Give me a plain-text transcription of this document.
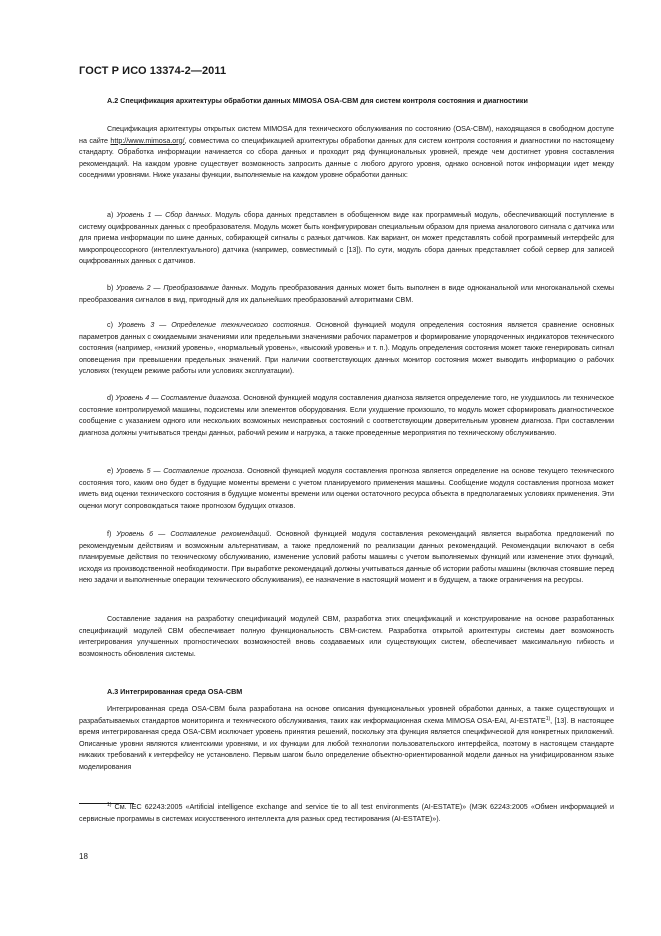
ГОСТ Р ИСО 13374-2—2011
А.2 Спецификация архитектуры обработки данных MIMOSA OSA-CBM для систем контроля состояния и диагностики
Спецификация архитектуры открытых систем MIMOSA для технического обслуживания по состоянию (OSA-CBM), находящаяся в свободном доступе на сайте http://www.mimosa.org/, совместима со спецификацией архитектуры обработки данных для систем контроля состояния и диагностики по настоящему стандарту. Обработка информации начинается со сбора данных и проходит ряд функциональных уровней, прежде чем достигнет уровня составления рекомендаций. На каждом уровне существует возможность запросить данные с любого другого уровня, однако основной поток информации идет между соседними уровнями. Ниже указаны функции, выполняемые на каждом уровне обработки данных:
а) Уровень 1 — Сбор данных. Модуль сбора данных представлен в обобщенном виде как программный модуль, обеспечивающий поступление в систему оцифрованных данных с преобразователя. Модуль может быть конфигурирован специальным образом для приема аналогового сигнала с датчика или для приема информации по шине данных, собирающей сигналы с разных датчиков. Как вариант, он может представлять собой программный интерфейс для микропроцессорного (интеллектуального) датчика (например, совместимый с [13]). По сути, модуль сбора данных представляет собой сервер для записей оцифрованных данных с датчиков.
b) Уровень 2 — Преобразование данных. Модуль преобразования данных может быть выполнен в виде одноканальной или многоканальной схемы преобразования сигналов в вид, пригодный для их дальнейших преобразований алгоритмами CBM.
с) Уровень 3 — Определение технического состояния. Основной функцией модуля определения состояния является сравнение основных параметров данных с ожидаемыми значениями или предельными значениями рабочих параметров и формирование упорядоченных индикаторов технического состояния (например, «низкий уровень», «нормальный уровень», «высокий уровень» и т. п.). Модуль определения состояния может также генерировать сигнал оповещения при превышении предельных значений. При наличии соответствующих данных монитор состояния может выводить информацию о рабочих условиях (текущем режиме работы или условиях эксплуатации).
d) Уровень 4 — Составление диагноза. Основной функцией модуля составления диагноза является определение того, не ухудшилось ли техническое состояние контролируемой машины, подсистемы или элементов оборудования. Если ухудшение произошло, то модуль может сформировать диагностическое сообщение с указанием одного или нескольких возможных неисправных состояний с соответствующим доверительным уровнем диагноза. При составлении диагноза должны учитываться тренды данных, рабочий режим и нагрузка, а также проведенные мероприятия по техническому обслуживанию.
е) Уровень 5 — Составление прогноза. Основной функцией модуля составления прогноза является определение на основе текущего технического состояния того, каким оно будет в будущие моменты времени с учетом планируемого применения машины. Сообщение модуля составления прогноза может иметь вид оценки технического состояния в будущие моменты времени или оценки остаточного ресурса объекта в предполагаемых условиях применения. Эти оценки могут сопровождаться также прогнозом будущих отказов.
f) Уровень 6 — Составление рекомендаций. Основной функцией модуля составления рекомендаций является выработка предложений по рекомендуемым действиям и возможным альтернативам, а также предложений по реализации данных рекомендаций. Рекомендации включают в себя планируемые действия по техническому обслуживанию, изменение условий работы машины с учетом выполняемых функций или изменение этих функций, исходя из производственной необходимости. При выработке рекомендаций должны учитываться данные об истории работы машины (включая стоявшие перед нею задачи и выполненные операции технического обслуживания), ее назначение в настоящий момент и в будущем, а также ограничения на ресурсы.
Составление задания на разработку спецификаций модулей CBM, разработка этих спецификаций и конструирование на основе разработанных спецификаций модулей CBM обеспечивает полную функциональность CBM-систем. Разработка открытой архитектуры системы дает возможность интегрирования улучшенных прогностических возможностей вновь создаваемых или существующих систем, обеспечивает максимальную гибкость и возможность обновления системы.
А.3 Интегрированная среда OSA-CBM
Интегрированная среда OSA-CBM была разработана на основе описания функциональных уровней обработки данных, а также существующих и разрабатываемых стандартов мониторинга и технического обслуживания, таких как информационная схема MIMOSA OSA-EAI, AI-ESTATE$^{1)}$, [13]. В настоящее время интегрированная среда OSA-CBM исключает уровень принятия решений, поскольку эта функция является специфической для конкретных приложений. Описанные уровни являются клиентскими уровнями, и их функции для любой технологии пользовательского интерфейса, поэтому в настоящем стандарте никаких требований к интерфейсу не установлено. Первым шагом было определение объектно-ориентированной модели данных на унифицированном языке моделирования
$^{1)}$ См. IEC 62243:2005 «Artificial intelligence exchange and service tie to all test environments (AI-ESTATE)» (МЭК 62243:2005 «Обмен информацией и сервисные программы в системах искусственного интеллекта для разных сред тестирования (AI-ESTATE)»).
18
